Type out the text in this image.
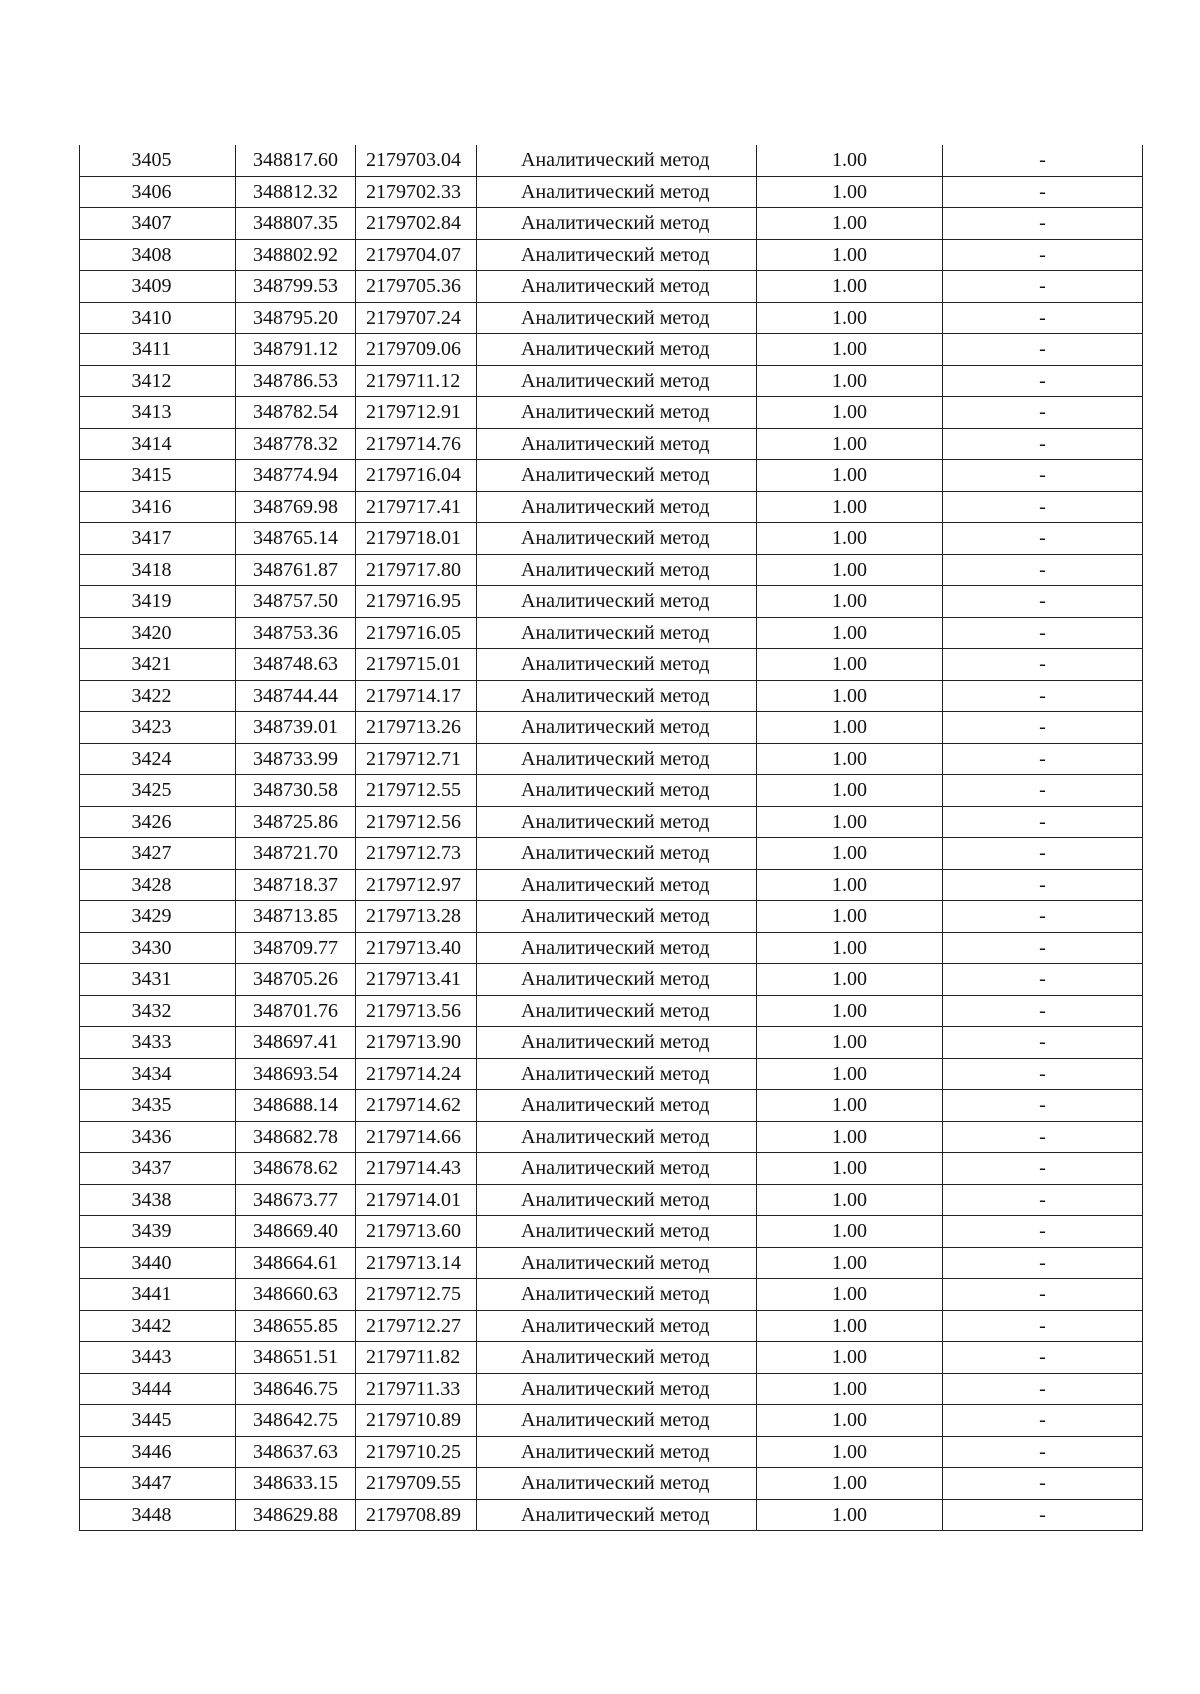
3405	348817.60	2179703.04	Аналитический метод	1.00	-
3406	348812.32	2179702.33	Аналитический метод	1.00	-
3407	348807.35	2179702.84	Аналитический метод	1.00	-
3408	348802.92	2179704.07	Аналитический метод	1.00	-
3409	348799.53	2179705.36	Аналитический метод	1.00	-
3410	348795.20	2179707.24	Аналитический метод	1.00	-
3411	348791.12	2179709.06	Аналитический метод	1.00	-
3412	348786.53	2179711.12	Аналитический метод	1.00	-
3413	348782.54	2179712.91	Аналитический метод	1.00	-
3414	348778.32	2179714.76	Аналитический метод	1.00	-
3415	348774.94	2179716.04	Аналитический метод	1.00	-
3416	348769.98	2179717.41	Аналитический метод	1.00	-
3417	348765.14	2179718.01	Аналитический метод	1.00	-
3418	348761.87	2179717.80	Аналитический метод	1.00	-
3419	348757.50	2179716.95	Аналитический метод	1.00	-
3420	348753.36	2179716.05	Аналитический метод	1.00	-
3421	348748.63	2179715.01	Аналитический метод	1.00	-
3422	348744.44	2179714.17	Аналитический метод	1.00	-
3423	348739.01	2179713.26	Аналитический метод	1.00	-
3424	348733.99	2179712.71	Аналитический метод	1.00	-
3425	348730.58	2179712.55	Аналитический метод	1.00	-
3426	348725.86	2179712.56	Аналитический метод	1.00	-
3427	348721.70	2179712.73	Аналитический метод	1.00	-
3428	348718.37	2179712.97	Аналитический метод	1.00	-
3429	348713.85	2179713.28	Аналитический метод	1.00	-
3430	348709.77	2179713.40	Аналитический метод	1.00	-
3431	348705.26	2179713.41	Аналитический метод	1.00	-
3432	348701.76	2179713.56	Аналитический метод	1.00	-
3433	348697.41	2179713.90	Аналитический метод	1.00	-
3434	348693.54	2179714.24	Аналитический метод	1.00	-
3435	348688.14	2179714.62	Аналитический метод	1.00	-
3436	348682.78	2179714.66	Аналитический метод	1.00	-
3437	348678.62	2179714.43	Аналитический метод	1.00	-
3438	348673.77	2179714.01	Аналитический метод	1.00	-
3439	348669.40	2179713.60	Аналитический метод	1.00	-
3440	348664.61	2179713.14	Аналитический метод	1.00	-
3441	348660.63	2179712.75	Аналитический метод	1.00	-
3442	348655.85	2179712.27	Аналитический метод	1.00	-
3443	348651.51	2179711.82	Аналитический метод	1.00	-
3444	348646.75	2179711.33	Аналитический метод	1.00	-
3445	348642.75	2179710.89	Аналитический метод	1.00	-
3446	348637.63	2179710.25	Аналитический метод	1.00	-
3447	348633.15	2179709.55	Аналитический метод	1.00	-
3448	348629.88	2179708.89	Аналитический метод	1.00	-
